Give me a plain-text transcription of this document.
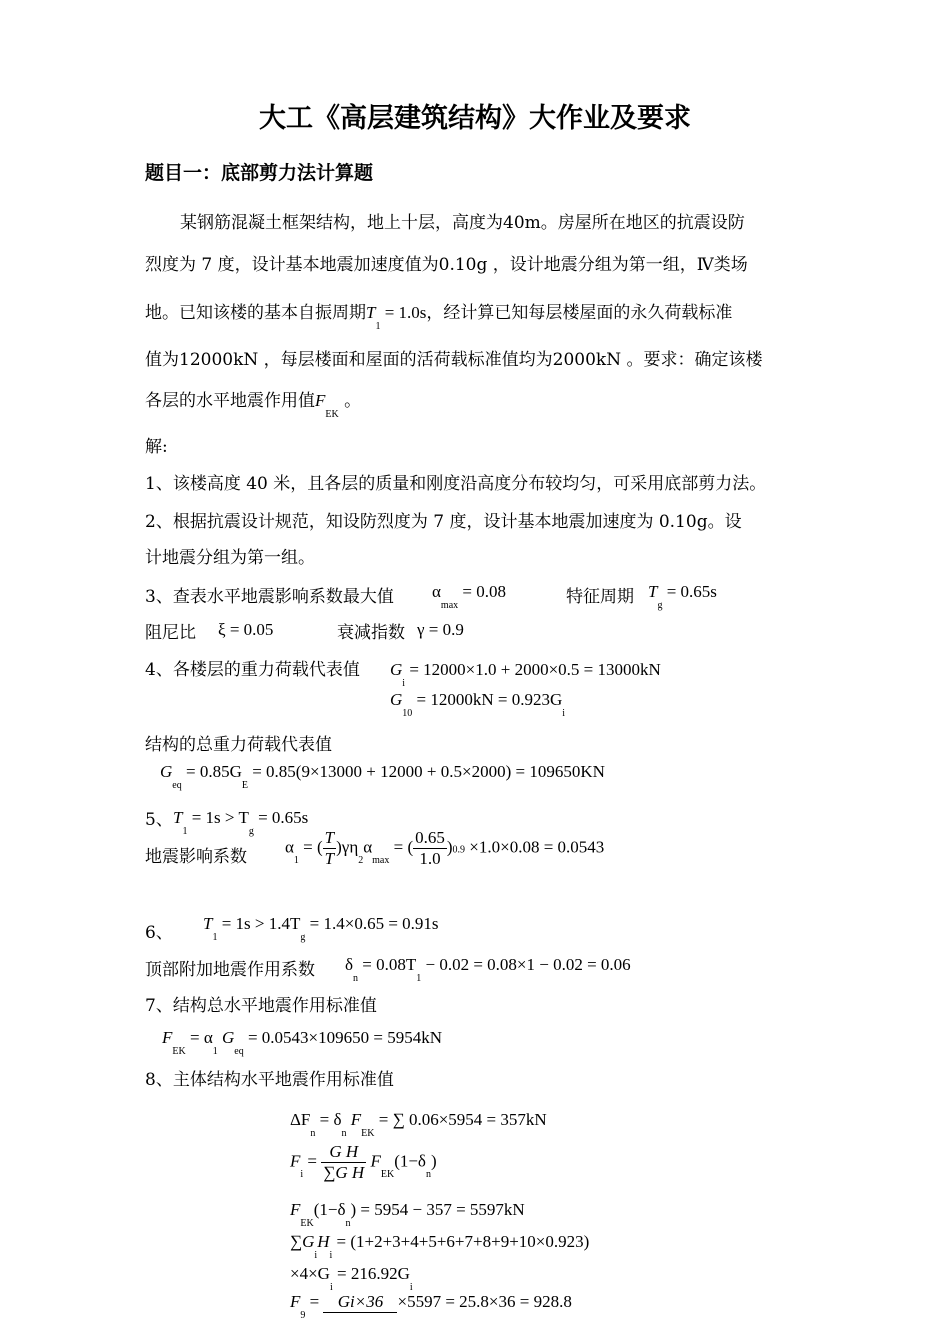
大工《高层建筑结构》大作业及要求
题目一：底部剪力法计算题
某钢筋混凝土框架结构，地上十层，高度为40m。房屋所在地区的抗震设防
烈度为 7 度，设计基本地震加速度值为0.10g ，设计地震分组为第一组，Ⅳ类场
地。已知该楼的基本自振周期$T_1 = 1.0s$，经计算已知每层楼屋面的永久荷载标准
值为12000kN ，每层楼面和屋面的活荷载标准值均为2000kN 。要求：确定该楼
各层的水平地震作用值$F_{EK}$ 。
解:
1、该楼高度 40 米，且各层的质量和刚度沿高度分布较均匀，可采用底部剪力法。
2、根据抗震设计规范，知设防烈度为 7 度，设计基本地震加速度为 0.10g。设
计地震分组为第一组。
3、查表水平地震影响系数最大值 $\alpha_{max} = 0.08$	特征周期 $T_g = 0.65s$
阻尼比 ξ = 0.05	衰减指数 γ = 0.9
4、各楼层的重力荷载代表值 $G_i = 12000\times 1.0 + 2000\times 0.5 = 13000kN$
$G_{10} = 12000kN = 0.923G_i$
结构的总重力荷载代表值
$G_{eq} = 0.85G_E = 0.85(9\times 13000 + 12000 + 0.5\times 2000) = 109650KN$
5、 $T_1 = 1s > T_g = 0.65s$
地震影响系数
$\alpha_1$ = ( $\frac{T}{T} )\gamma\eta_2\alpha_{max}$ = ( $\frac{0.65}{1.0} )0.9 \times 1.0\times 0.08 = 0.0543$
6、 $T_1 = 1s > 1.4T_g = 1.4\times 0.65 = 0.91s$
顶部附加地震作用系数 $\delta_n = 0.08T_1 - 0.02 = 0.08\times 1 - 0.02 = 0.06$
7、结构总水平地震作用标准值
$F_{EK} = \alpha_1$ $G_{eq} = 0.0543\times 109650 = 5954kN$
8、主体结构水平地震作用标准值
$\Delta F_n = \delta_n$ $F_{EK}$ = ∑ 0.06×5954 = 357kN
$F_i = \frac{\text{G H}}{\text{∑G H}} F_{EK}(1-\delta_n)$
$F_{EK}(1-\delta_n) = 5954 - 357 = 5597kN$
$\sum G_iH_i = (1+2+3+4+5+6+7+8+9+10\times 0.923)$
$\times 4\times G_i = 216.92G_i$
$F_9 = Gi\times 36 \times 5597 = 25.8\times 36 = 928.8$
